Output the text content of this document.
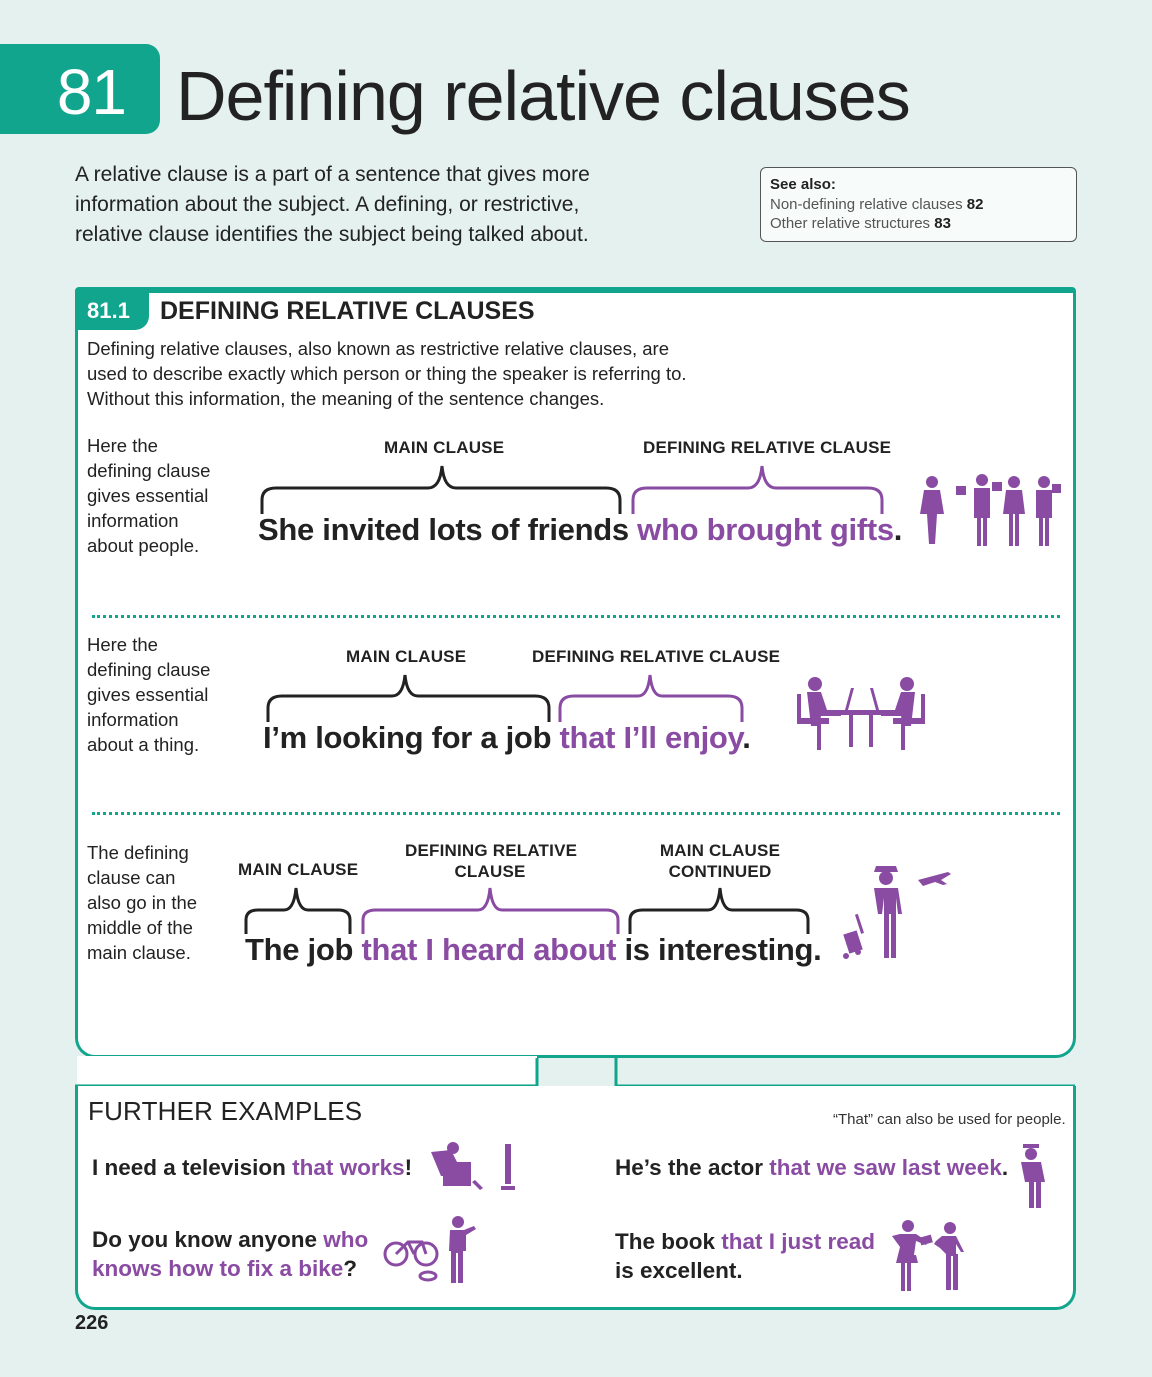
81 Defining relative clauses
A relative clause is a part of a sentence that gives more information about the subject. A defining, or restrictive, relative clause identifies the subject being talked about.
See also:
Non-defining relative clauses 82
Other relative structures 83
81.1	DEFINING RELATIVE CLAUSES
Defining relative clauses, also known as restrictive relative clauses, are used to describe exactly which person or thing the speaker is referring to. Without this information, the meaning of the sentence changes.
Here the defining clause gives essential information about people.
MAIN CLAUSE	DEFINING RELATIVE CLAUSE
She invited lots of friends who brought gifts.
Here the defining clause gives essential information about a thing.
MAIN CLAUSE	DEFINING RELATIVE CLAUSE
I’m looking for a job that I’ll enjoy.
The defining clause can also go in the middle of the main clause.
MAIN CLAUSE
DEFINING RELATIVE
CLAUSE
MAIN CLAUSE
CONTINUED
The job that I heard about is interesting.
FURTHER EXAMPLES	“That” can also be used for people.
I need a television that works!	He’s the actor that we saw last week.
Do you know anyone who
knows how to fix a bike?
The book that I just read
is excellent.
226
